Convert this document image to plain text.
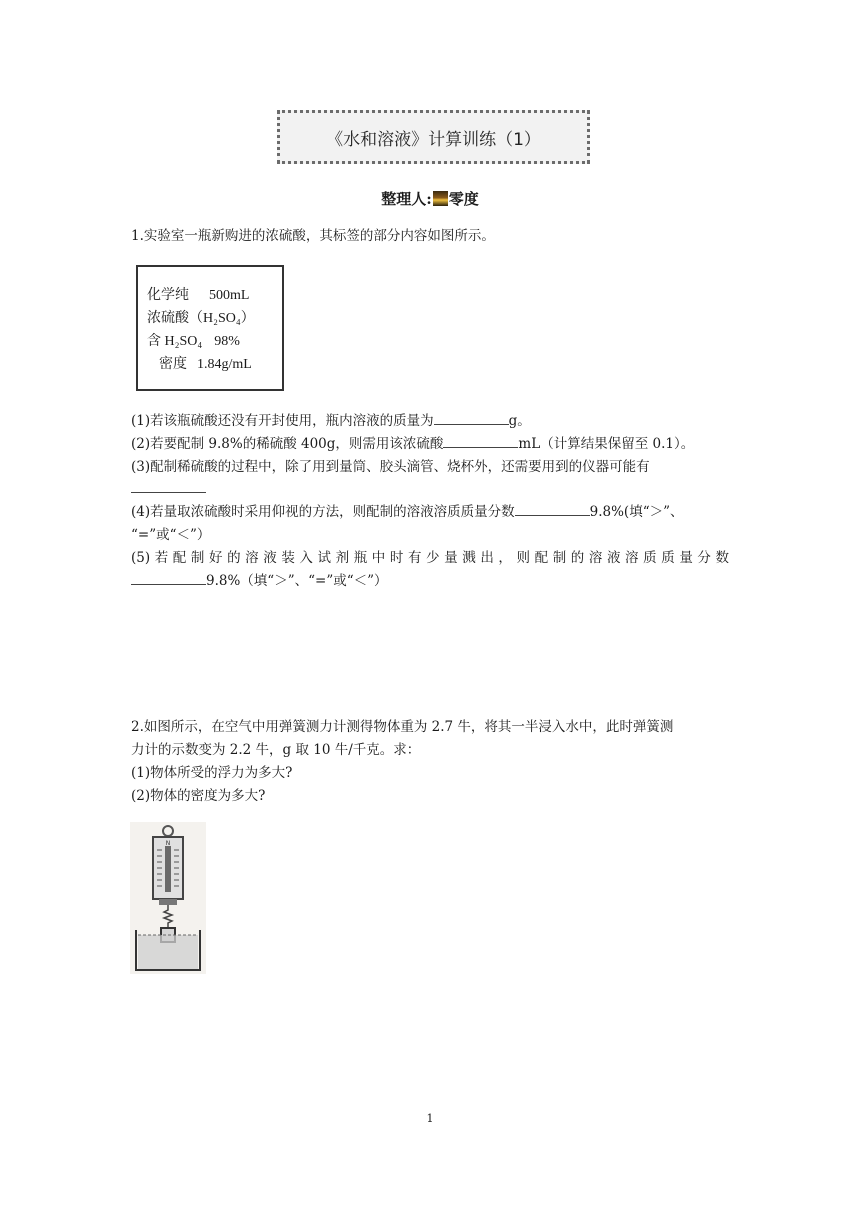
《水和溶液》计算训练（1）
整理人: 零度
1.实验室一瓶新购进的浓硫酸，其标签的部分内容如图所示。
化学纯 500mL
浓硫酸（H₂SO₄）
含 H₂SO₄ 98%
密度 1.84g/mL
(1)若该瓶硫酸还没有开封使用，瓶内溶液的质量为	g。
(2)若要配制 9.8%的稀硫酸 400g，则需用该浓硫酸	mL（计算结果保留至 0.1）。
(3)配制稀硫酸的过程中，除了用到量筒、胶头滴管、烧杯外，还需要用到的仪器可能有
(4)若量取浓硫酸时采用仰视的方法，则配制的溶液溶质质量分数	9.8%(填“＞”、
“=”或“＜”）
(5)若配制好的溶液装入试剂瓶中时有少量溅出，则配制的溶液溶质质量分数
9.8%（填“＞”、“=”或“＜”）
2.如图所示，在空气中用弹簧测力计测得物体重为 2.7 牛，将其一半浸入水中，此时弹簧测
力计的示数变为 2.2 牛，g 取 10 牛/千克。求：
(1)物体所受的浮力为多大?
(2)物体的密度为多大?
N
1
